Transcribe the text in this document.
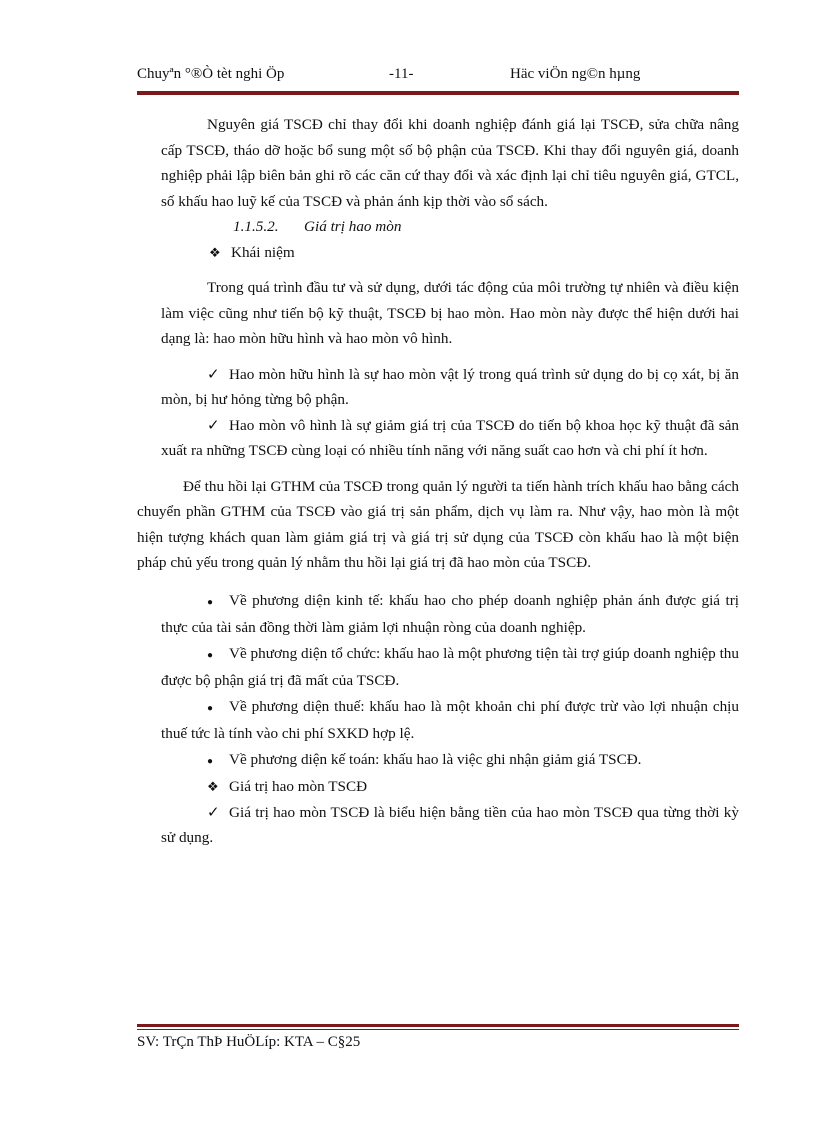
Chuyªn °®Ò tèt nghi Öp	-11-	Häc viÖn ng©n hµng

Nguyên giá TSCĐ chỉ thay đổi khi doanh nghiệp đánh giá lại TSCĐ, sửa chữa nâng cấp TSCĐ, tháo dỡ hoặc bổ sung một số bộ phận của TSCĐ. Khi thay đổi nguyên giá, doanh nghiệp phải lập biên bản ghi rõ các căn cứ thay đổi và xác định lại chỉ tiêu nguyên giá, GTCL, số khấu hao luỹ kế của TSCĐ và phản ánh kịp thời vào sổ sách.

1.1.5.2. Giá trị hao mòn

❖ Khái niệm

Trong quá trình đầu tư và sử dụng, dưới tác động của môi trường tự nhiên và điều kiện làm việc cũng như tiến bộ kỹ thuật, TSCĐ bị hao mòn. Hao mòn này được thể hiện dưới hai dạng là: hao mòn hữu hình và hao mòn vô hình.

✓ Hao mòn hữu hình là sự hao mòn vật lý trong quá trình sử dụng do bị cọ xát, bị ăn mòn, bị hư hỏng từng bộ phận.

✓ Hao mòn vô hình là sự giảm giá trị của TSCĐ do tiến bộ khoa học kỹ thuật đã sản xuất ra những TSCĐ cùng loại có nhiều tính năng với năng suất cao hơn và chi phí ít hơn.

Để thu hồi lại GTHM của TSCĐ trong quản lý người ta tiến hành trích khấu hao bằng cách chuyển phần GTHM của TSCĐ vào giá trị sản phẩm, dịch vụ làm ra. Như vậy, hao mòn là một hiện tượng khách quan làm giảm giá trị và giá trị sử dụng của TSCĐ còn khấu hao là một biện pháp chủ yếu trong quản lý nhằm thu hồi lại giá trị đã hao mòn của TSCĐ.

● Về phương diện kinh tế: khấu hao cho phép doanh nghiệp phản ánh được giá trị thực của tài sản đồng thời làm giảm lợi nhuận ròng của doanh nghiệp.

● Về phương diện tổ chức: khấu hao là một phương tiện tài trợ giúp doanh nghiệp thu được bộ phận giá trị đã mất của TSCĐ.

● Về phương diện thuế: khấu hao là một khoản chi phí được trừ vào lợi nhuận chịu thuế tức là tính vào chi phí SXKD hợp lệ.

● Về phương diện kế toán: khấu hao là việc ghi nhận giảm giá TSCĐ.

❖ Giá trị hao mòn TSCĐ

✓ Giá trị hao mòn TSCĐ là biểu hiện bằng tiền của hao mòn TSCĐ qua từng thời kỳ sử dụng.

SV: TrÇn ThÞ HuÖLíp: KTA – C§25
